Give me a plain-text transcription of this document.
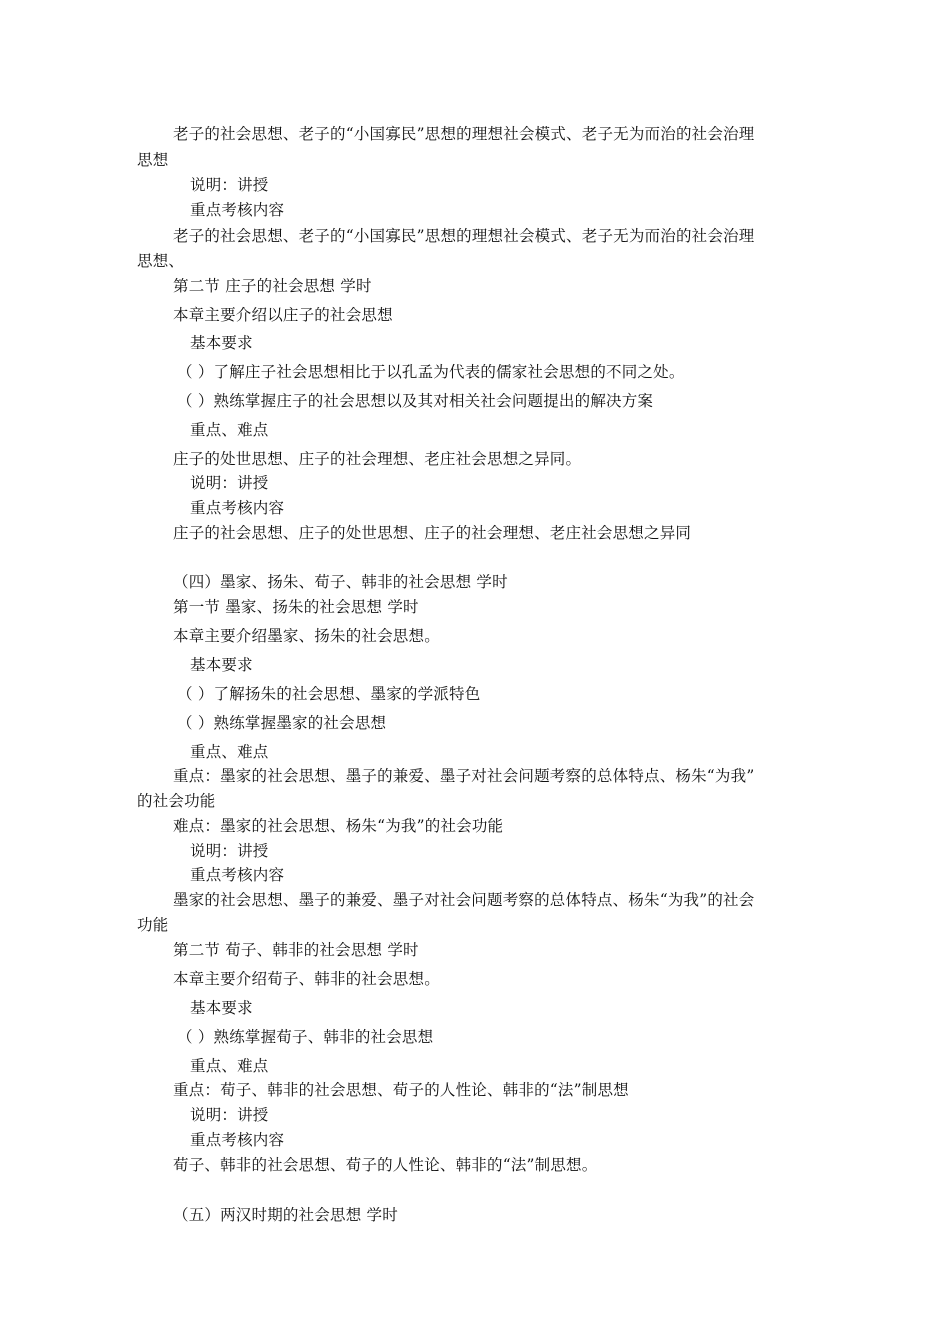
老子的社会思想、老子的“小国寡民”思想的理想社会模式、老子无为而治的社会治理
思想
说明：讲授
重点考核内容
老子的社会思想、老子的“小国寡民”思想的理想社会模式、老子无为而治的社会治理
思想、
第二节 庄子的社会思想 学时
本章主要介绍以庄子的社会思想
基本要求
（ ）了解庄子社会思想相比于以孔孟为代表的儒家社会思想的不同之处。
（ ）熟练掌握庄子的社会思想以及其对相关社会问题提出的解决方案
重点、难点
庄子的处世思想、庄子的社会理想、老庄社会思想之异同。
说明：讲授
重点考核内容
庄子的社会思想、庄子的处世思想、庄子的社会理想、老庄社会思想之异同
（四）墨家、扬朱、荀子、韩非的社会思想 学时
第一节 墨家、扬朱的社会思想 学时
本章主要介绍墨家、扬朱的社会思想。
基本要求
（ ）了解扬朱的社会思想、墨家的学派特色
（ ）熟练掌握墨家的社会思想
重点、难点
重点：墨家的社会思想、墨子的兼爱、墨子对社会问题考察的总体特点、杨朱“为我”
的社会功能
难点：墨家的社会思想、杨朱“为我”的社会功能
说明：讲授
重点考核内容
墨家的社会思想、墨子的兼爱、墨子对社会问题考察的总体特点、杨朱“为我”的社会
功能
第二节 荀子、韩非的社会思想 学时
本章主要介绍荀子、韩非的社会思想。
基本要求
（ ）熟练掌握荀子、韩非的社会思想
重点、难点
重点：荀子、韩非的社会思想、荀子的人性论、韩非的“法”制思想
说明：讲授
重点考核内容
荀子、韩非的社会思想、荀子的人性论、韩非的“法”制思想。
（五）两汉时期的社会思想 学时
